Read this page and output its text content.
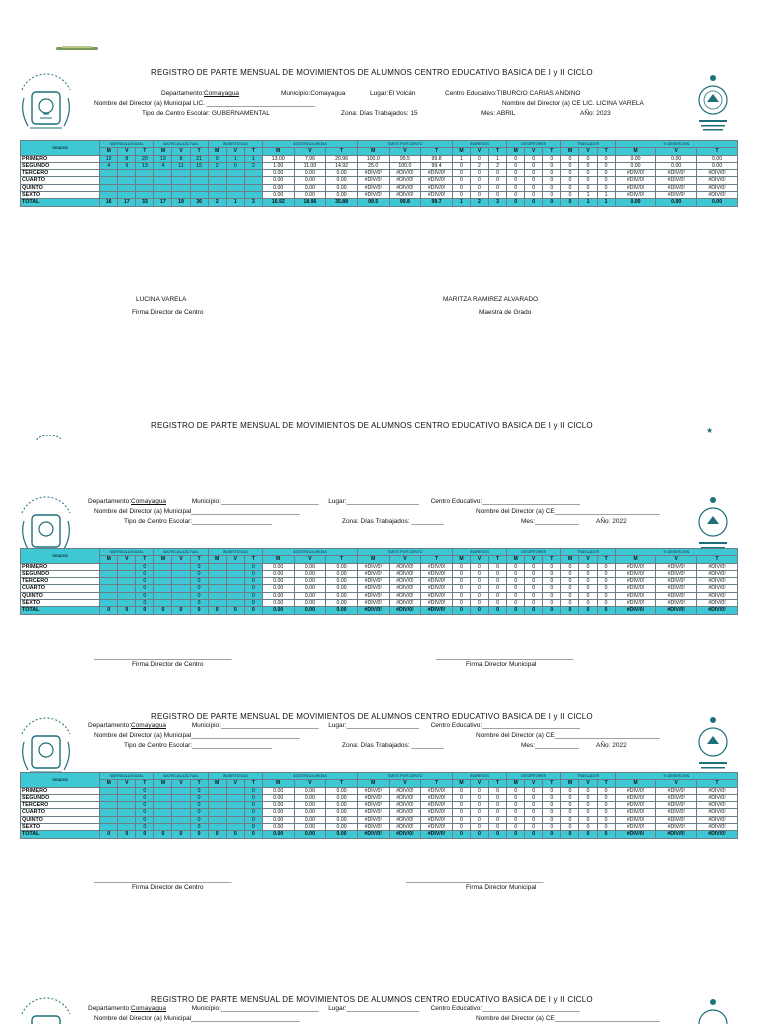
REGISTRO DE PARTE MENSUAL DE MOVIMIENTOS DE ALUMNOS CENTRO EDUCATIVO BASICA DE I y II CICLO
Departamento:Comayagua	Municipio:Comayagua	Lugar:El Volcán	Centro Educativo:TIBURCIO CARIAS ANDINO
Nombre del Director (a) Municipal LIC. ______________________________	Nombre del Director (a) CE LIC. LICINA VARELA
Tipo de Centro Escolar: GUBERNAMENTAL	Zona: Días Trabajados: 15	Mes: ABRIL	AÑo: 2023
GRADOS	MATRICULA INICIAL			MATRICULA ACTUAL			INASISTENCIA			ASISTENCIA MEDIA			TANTO POR CIENTO			INGRESOS			DESERTORES			TRASLADOS			% DESERCION		
	M	V	T	M	V	T	M	V	T	M	V	T	M	V	T	M	V	T	M	V	T	M	V	T	M	V	T
PRIMERO	12	8	20	13	8	21	0	1	1	13.00	7.96	20.96	100.0	99.5	99.8	1	0	1	0	0	0	0	0	0	0.00	0.00	0.00
SEGUNDO	4	9	13	4	11	15	2	0	2	1.00	11.00	14.92	25.0	100.0	99.4	0	2	2	0	0	0	0	0	0	0.00	0.00	0.00
TERCERO										0.00	0.00	0.00	#DIV/0!	#DIV/0!	#DIV/0!	0	0	0	0	0	0	0	0	0	#DIV/0!	#DIV/0!	#DIV/0!
CUARTO										0.00	0.00	0.00	#DIV/0!	#DIV/0!	#DIV/0!	0	0	0	0	0	0	0	0	0	#DIV/0!	#DIV/0!	#DIV/0!
QUINTO										0.00	0.00	0.00	#DIV/0!	#DIV/0!	#DIV/0!	0	0	0	0	0	0	0	0	0	#DIV/0!	#DIV/0!	#DIV/0!
SEXTO										0.00	0.00	0.00	#DIV/0!	#DIV/0!	#DIV/0!	0	0	0	0	0	0	0	1	1	#DIV/0!	#DIV/0!	#DIV/0!
TOTAL	16	17	33	17	19	36	2	1	3	16.92	18.96	35.88	99.5	99.8	99.7	1	2	3	0	0	0	0	1	1	0.00	0.00	0.00
LUCINA VARELA
Firma Director de Centro
MARITZA RAMIREZ ALVARADO
Maestra de Grado
REGISTRO DE PARTE MENSUAL DE MOVIMIENTOS DE ALUMNOS CENTRO EDUCATIVO BASICA DE I y II CICLO
★
Departamento:Comayagua	Municipio:___________________________ Lugar:____________________ Centro Educativo:___________________________
Nombre del Director (a) Municipal______________________________	Nombre del Director (a) CE_____________________________
Tipo de Centro Escolar:______________________	Zona: Días Trabajados: _________	Mes:____________	AÑo: 2022
GRADOS	MATRICULA INICIAL			MATRICULA ACTUAL			INASISTENCIA			ASISTENCIA MEDIA			TANTO POR CIENTO			INGRESOS			DESERTORES			TRASLADOS			% DESERCION		
	M	V	T	M	V	T	M	V	T	M	V	T	M	V	T	M	V	T	M	V	T	M	V	T	M	V	T
PRIMERO			0			0			0	0.00	0.00	0.00	#DIV/0!	#DIV/0!	#DIV/0!	0	0	0	0	0	0	0	0	0	#DIV/0!	#DIV/0!	#DIV/0!
SEGUNDO			0			0			0	0.00	0.00	0.00	#DIV/0!	#DIV/0!	#DIV/0!	0	0	0	0	0	0	0	0	0	#DIV/0!	#DIV/0!	#DIV/0!
TERCERO			0			0			0	0.00	0.00	0.00	#DIV/0!	#DIV/0!	#DIV/0!	0	0	0	0	0	0	0	0	0	#DIV/0!	#DIV/0!	#DIV/0!
CUARTO			0			0			0	0.00	0.00	0.00	#DIV/0!	#DIV/0!	#DIV/0!	0	0	0	0	0	0	0	0	0	#DIV/0!	#DIV/0!	#DIV/0!
QUINTO			0			0			0	0.00	0.00	0.00	#DIV/0!	#DIV/0!	#DIV/0!	0	0	0	0	0	0	0	0	0	#DIV/0!	#DIV/0!	#DIV/0!
SEXTO			0			0			0	0.00	0.00	0.00	#DIV/0!	#DIV/0!	#DIV/0!	0	0	0	0	0	0	0	0	0	#DIV/0!	#DIV/0!	#DIV/0!
TOTAL	0	0	0	0	0	0	0	0	0	0.00	0.00	0.00	#DIV/0!	#DIV/0!	#DIV/0!	0	0	0	0	0	0	0	0	0	#DIV/0!	#DIV/0!	#DIV/0!
______________________________________
Firma Director de Centro
______________________________________
Firma Director Municipal
REGISTRO DE PARTE MENSUAL DE MOVIMIENTOS DE ALUMNOS CENTRO EDUCATIVO BASICA DE I y II CICLO
Departamento:Comayagua	Municipio:___________________________ Lugar:____________________ Centro Educativo:___________________________
Nombre del Director (a) Municipal______________________________	Nombre del Director (a) CE_____________________________
Tipo de Centro Escolar:______________________	Zona: Días Trabajados: _________	Mes:____________	AÑo: 2022
GRADOS	MATRICULA INICIAL			MATRICULA ACTUAL			INASISTENCIA			ASISTENCIA MEDIA			TANTO POR CIENTO			INGRESOS			DESERTORES			TRASLADOS			% DESERCION		
	M	V	T	M	V	T	M	V	T	M	V	T	M	V	T	M	V	T	M	V	T	M	V	T	M	V	T
PRIMERO			0			0			0	0.00	0.00	0.00	#DIV/0!	#DIV/0!	#DIV/0!	0	0	0	0	0	0	0	0	0	#DIV/0!	#DIV/0!	#DIV/0!
SEGUNDO			0			0			0	0.00	0.00	0.00	#DIV/0!	#DIV/0!	#DIV/0!	0	0	0	0	0	0	0	0	0	#DIV/0!	#DIV/0!	#DIV/0!
TERCERO			0			0			0	0.00	0.00	0.00	#DIV/0!	#DIV/0!	#DIV/0!	0	0	0	0	0	0	0	0	0	#DIV/0!	#DIV/0!	#DIV/0!
CUARTO			0			0			0	0.00	0.00	0.00	#DIV/0!	#DIV/0!	#DIV/0!	0	0	0	0	0	0	0	0	0	#DIV/0!	#DIV/0!	#DIV/0!
QUINTO			0			0			0	0.00	0.00	0.00	#DIV/0!	#DIV/0!	#DIV/0!	0	0	0	0	0	0	0	0	0	#DIV/0!	#DIV/0!	#DIV/0!
SEXTO			0			0			0	0.00	0.00	0.00	#DIV/0!	#DIV/0!	#DIV/0!	0	0	0	0	0	0	0	0	0	#DIV/0!	#DIV/0!	#DIV/0!
TOTAL	0	0	0	0	0	0	0	0	0	0.00	0.00	0.00	#DIV/0!	#DIV/0!	#DIV/0!	0	0	0	0	0	0	0	0	0	#DIV/0!	#DIV/0!	#DIV/0!
______________________________________
Firma Director de Centro
______________________________________
Firma Director Municipal
REGISTRO DE PARTE MENSUAL DE MOVIMIENTOS DE ALUMNOS CENTRO EDUCATIVO BASICA DE I y II CICLO
Departamento:Comayagua	Municipio:___________________________ Lugar:____________________ Centro Educativo:___________________________
Nombre del Director (a) Municipal______________________________	Nombre del Director (a) CE_____________________________
